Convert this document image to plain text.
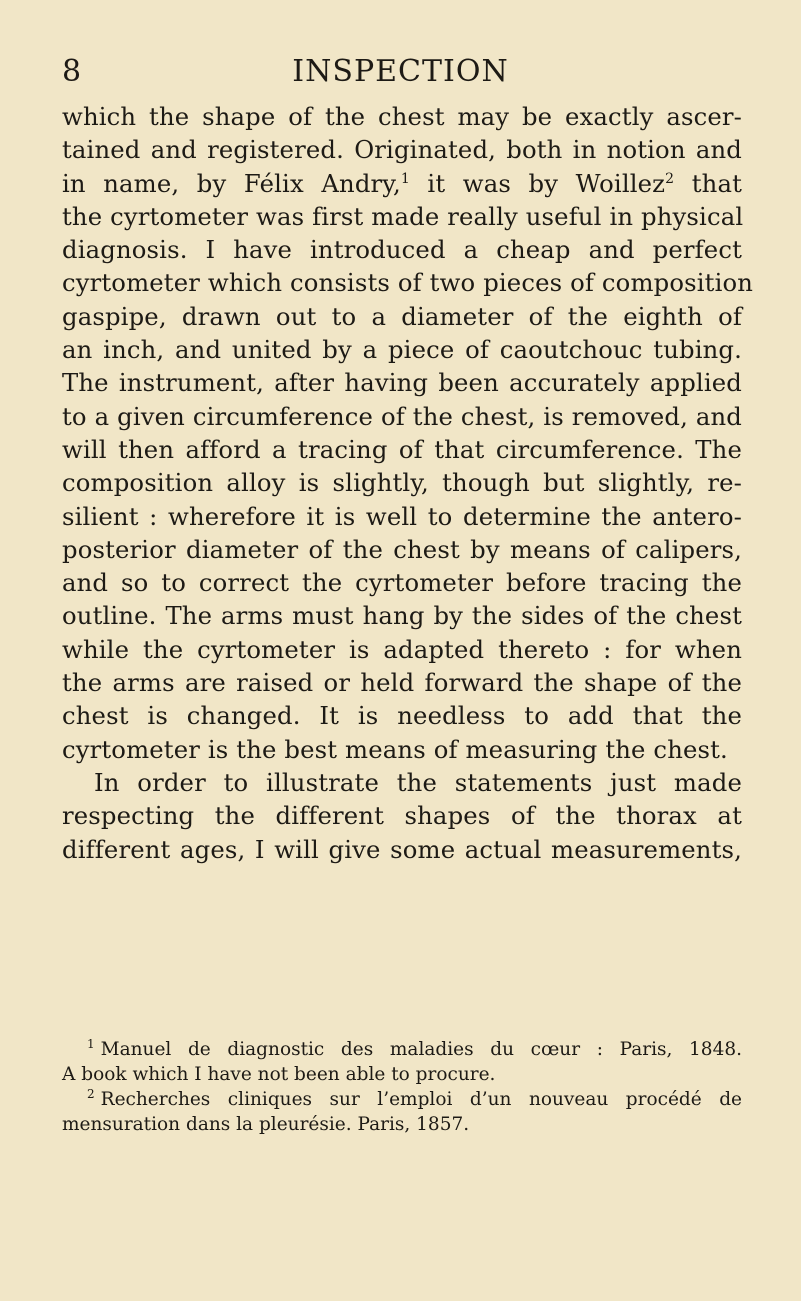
8	INSPECTION
which the shape of the chest may be exactly ascer-
tained and registered. Originated, both in notion and
in name, by Félix Andry,$^1$ it was by Woillez$^2$ that
the cyrtometer was first made really useful in physical
diagnosis. I have introduced a cheap and perfect
cyrtometer which consists of two pieces of composition
gaspipe, drawn out to a diameter of the eighth of
an inch, and united by a piece of caoutchouc tubing.
The instrument, after having been accurately applied
to a given circumference of the chest, is removed, and
will then afford a tracing of that circumference. The
composition alloy is slightly, though but slightly, re-
silient : wherefore it is well to determine the antero-
posterior diameter of the chest by means of calipers,
and so to correct the cyrtometer before tracing the
outline. The arms must hang by the sides of the chest
while the cyrtometer is adapted thereto : for when
the arms are raised or held forward the shape of the
chest is changed. It is needless to add that the
cyrtometer is the best means of measuring the chest.
In order to illustrate the statements just made
respecting the different shapes of the thorax at
different ages, I will give some actual measurements,
$^1$ Manuel de diagnostic des maladies du cœur : Paris, 1848.
A book which I have not been able to procure.
$^2$ Recherches cliniques sur l’emploi d’un nouveau procédé de
mensuration dans la pleurésie. Paris, 1857.
